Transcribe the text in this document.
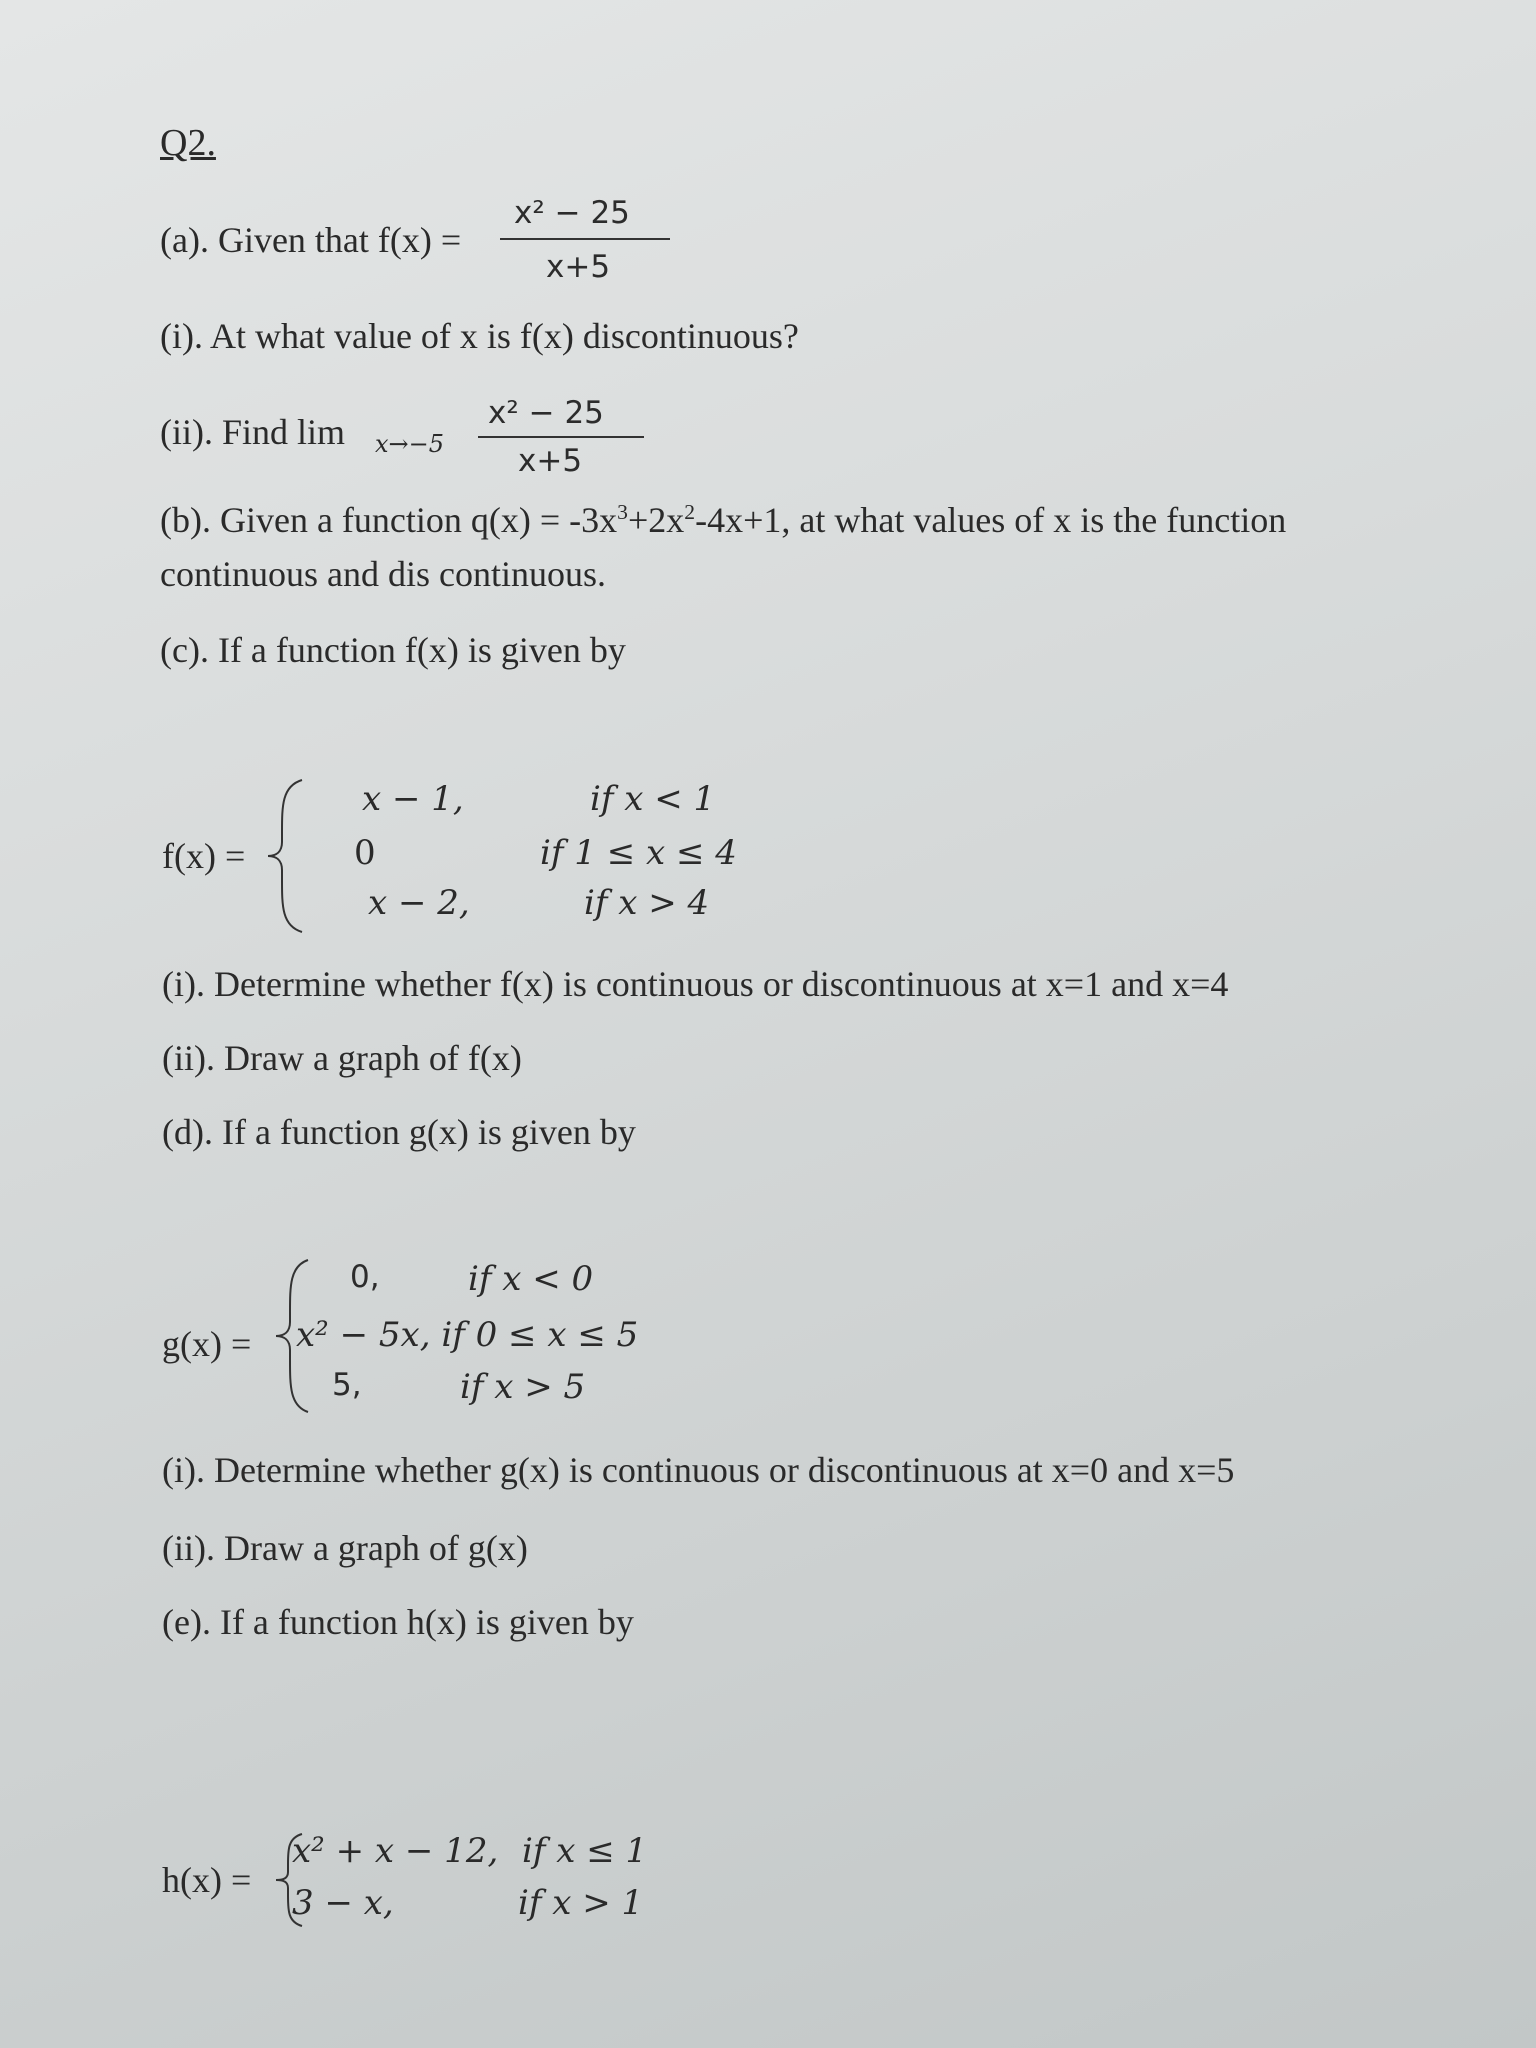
Q2.
(a). Given that f(x) =
x² − 25
x+5
(i). At what value of x is f(x) discontinuous?
(ii). Find lim x→−5
x² − 25
x+5
(b). Given a function $q(x) = -3x^3+2x^2-4x+1$, at what values of x is the function
continuous and dis continuous.
(c). If a function f(x) is given by
f(x) =
x − 1,	if x < 1
0	if 1 ≤ x ≤ 4
x − 2,	if x > 4
(i). Determine whether f(x) is continuous or discontinuous at x=1 and x=4
(ii). Draw a graph of f(x)
(d). If a function g(x) is given by
g(x) =
0,	if x < 0
x² − 5x, if 0 ≤ x ≤ 5
5,	if x > 5
(i). Determine whether g(x) is continuous or discontinuous at x=0 and x=5
(ii). Draw a graph of g(x)
(e). If a function h(x) is given by
h(x) =
x² + x − 12, if x ≤ 1
3 − x,	if x > 1
